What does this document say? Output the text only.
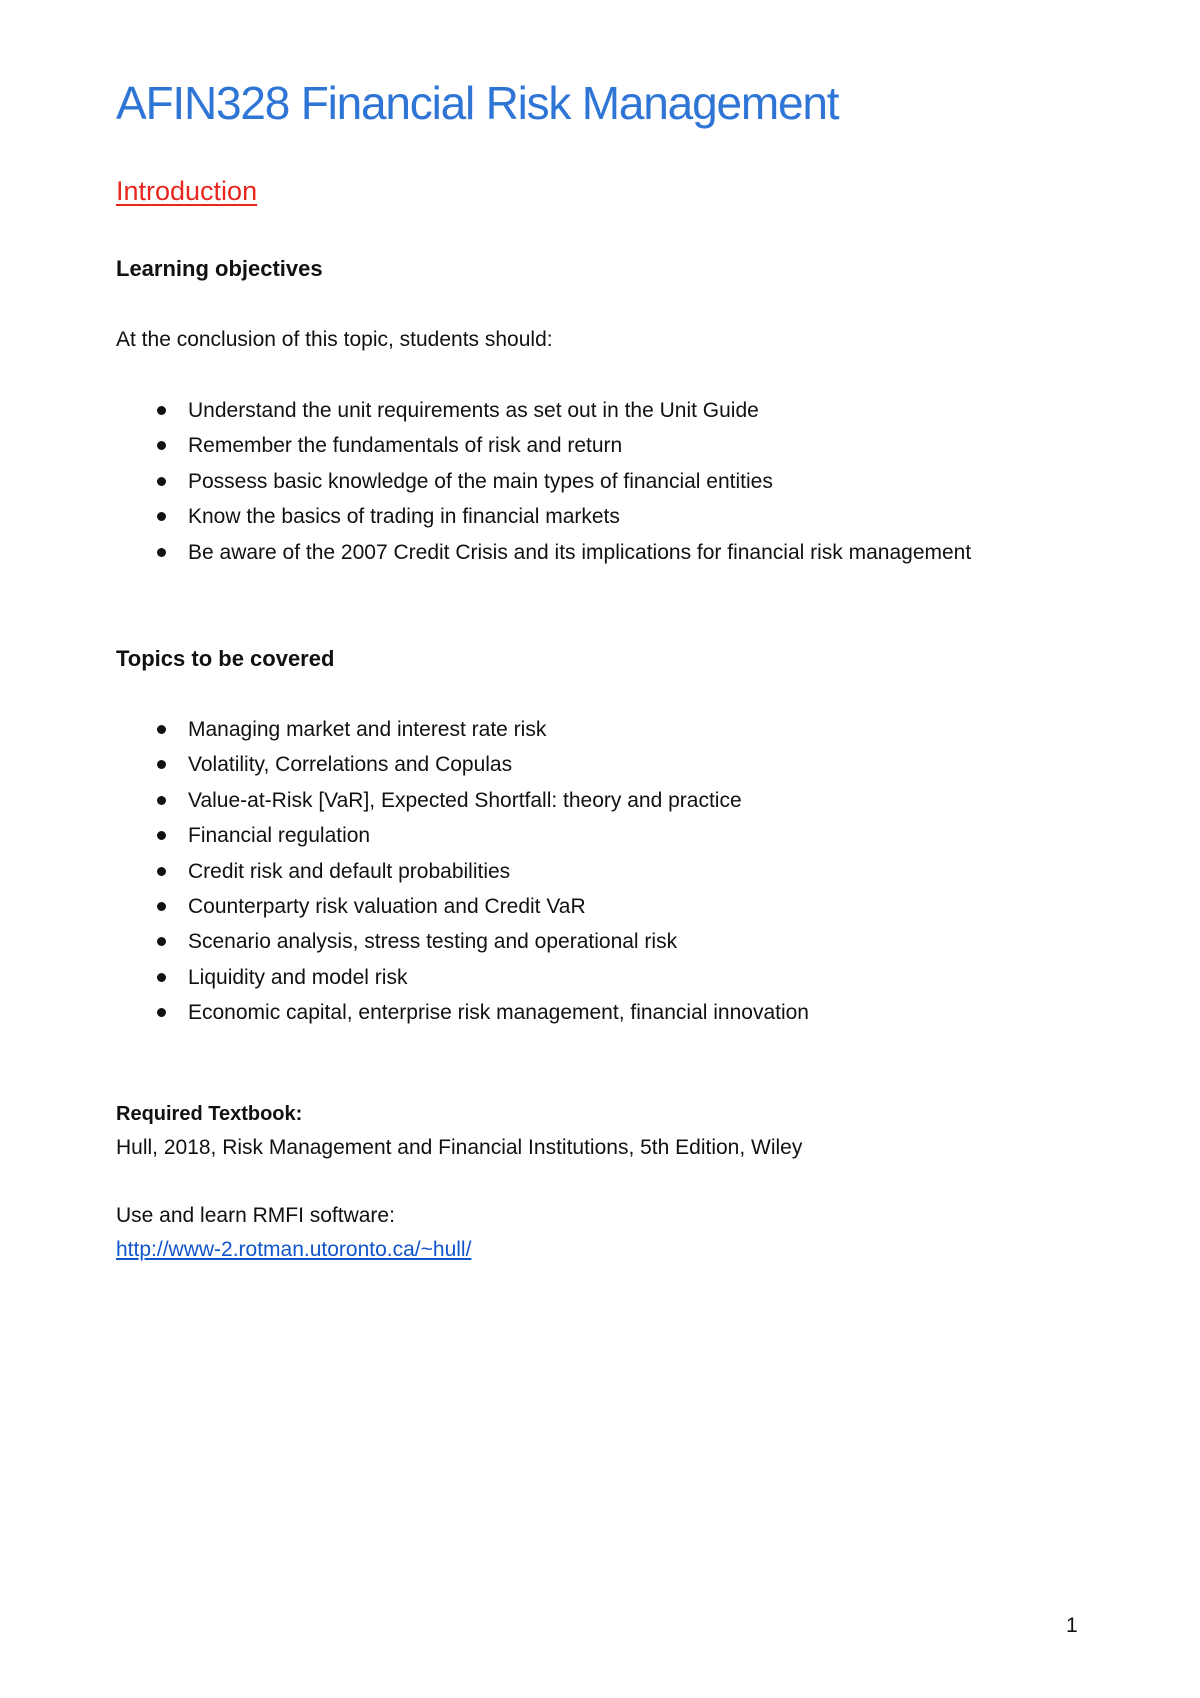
AFIN328 Financial Risk Management
Introduction
Learning objectives

At the conclusion of this topic, students should:

Understand the unit requirements as set out in the Unit Guide
Remember the fundamentals of risk and return
Possess basic knowledge of the main types of financial entities
Know the basics of trading in financial markets
Be aware of the 2007 Credit Crisis and its implications for financial risk management
Topics to be covered
Managing market and interest rate risk
Volatility, Correlations and Copulas
Value-at-Risk [VaR], Expected Shortfall: theory and practice
Financial regulation
Credit risk and default probabilities
Counterparty risk valuation and Credit VaR
Scenario analysis, stress testing and operational risk
Liquidity and model risk
Economic capital, enterprise risk management, financial innovation

Required Textbook:

Hull, 2018, Risk Management and Financial Institutions, 5th Edition, Wiley

Use and learn RMFI software:

http://www-2.rotman.utoronto.ca/~hull/

1
